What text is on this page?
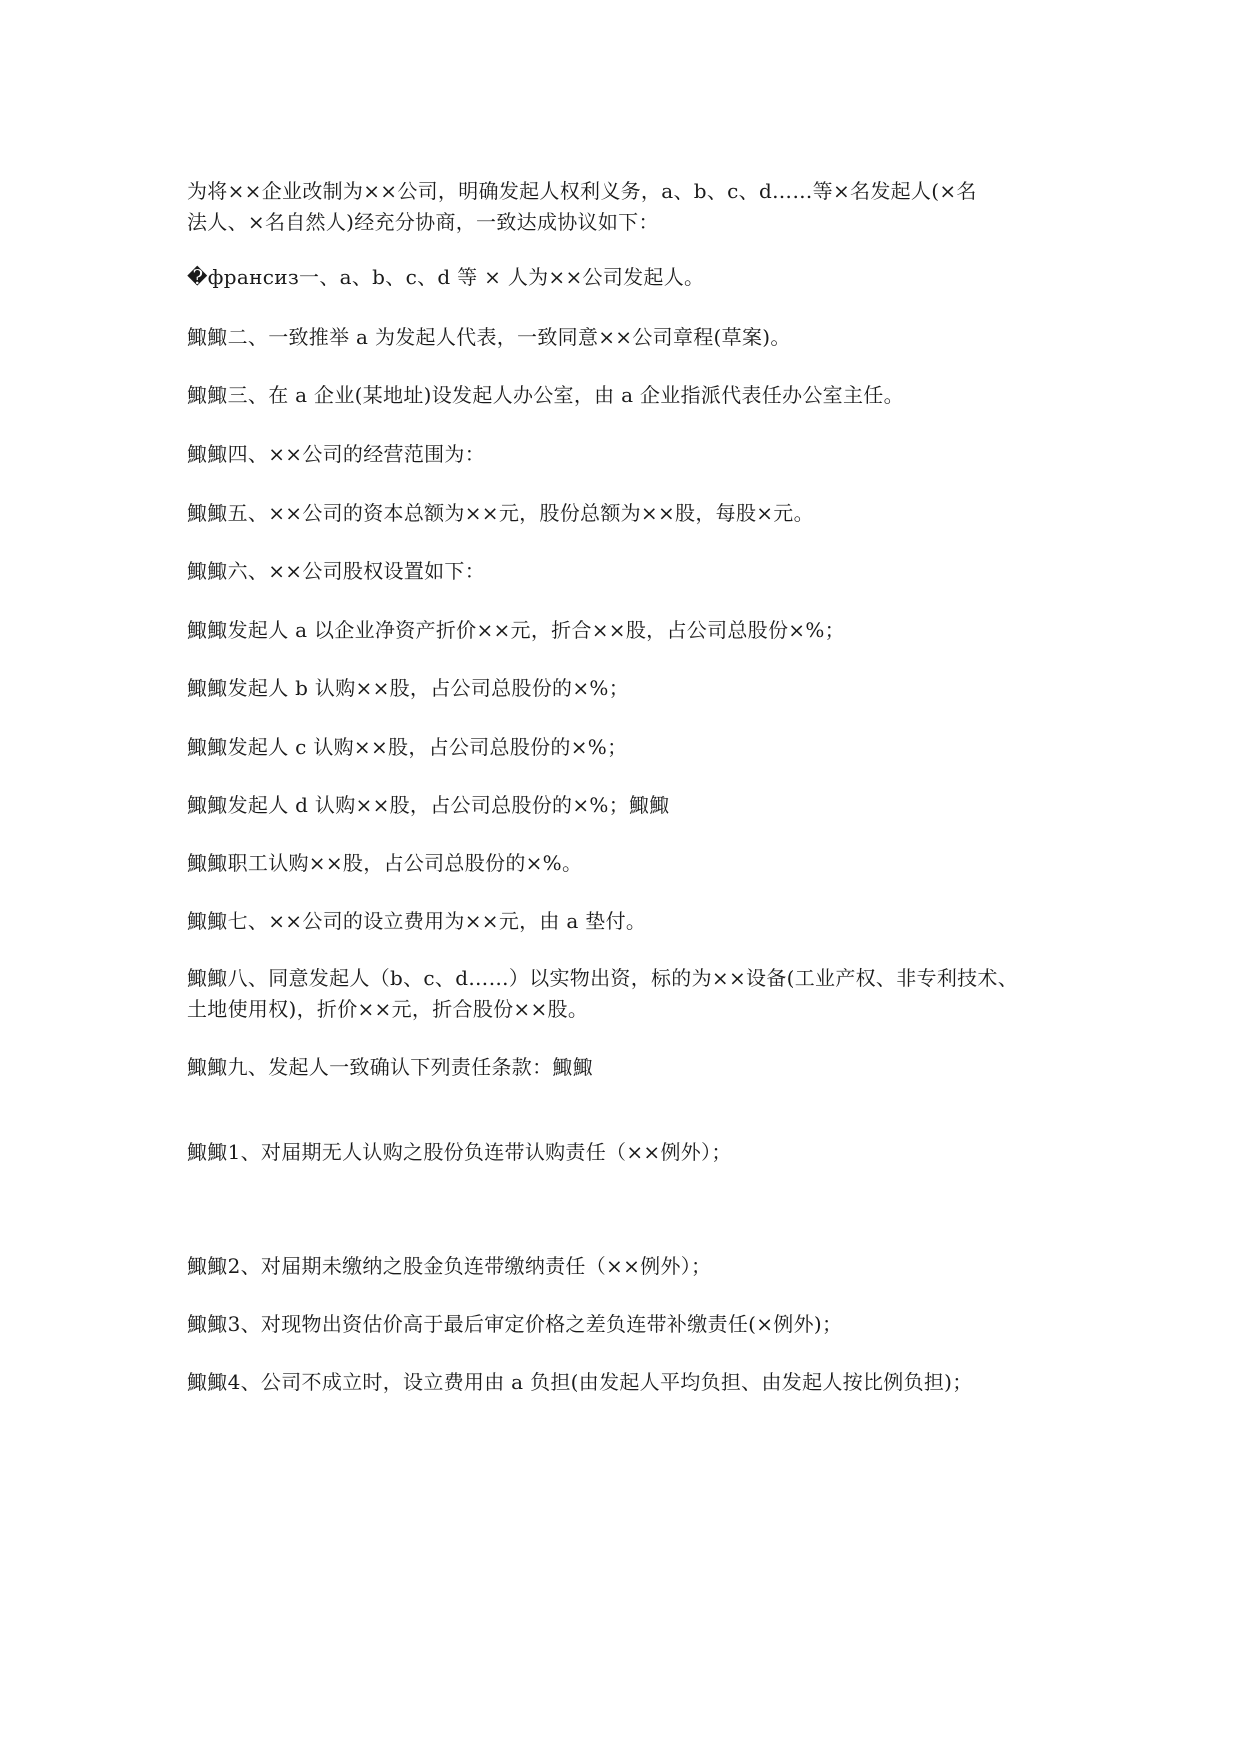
为将××企业改制为××公司，明确发起人权利义务，a、b、c、d……等×名发起人(×名
法人、×名自然人)经充分协商，一致达成协议如下：
�франсиз一、a、b、c、d 等 × 人为××公司发起人。
鯫鯫二、一致推举 a 为发起人代表，一致同意××公司章程(草案)。
鯫鯫三、在 a 企业(某地址)设发起人办公室，由 a 企业指派代表任办公室主任。
鯫鯫四、××公司的经营范围为：
鯫鯫五、××公司的资本总额为××元，股份总额为××股，每股×元。
鯫鯫六、××公司股权设置如下：
鯫鯫发起人 a 以企业净资产折价××元，折合××股，占公司总股份×%；
鯫鯫发起人 b 认购××股，占公司总股份的×%；
鯫鯫发起人 c 认购××股，占公司总股份的×%；
鯫鯫发起人 d 认购××股，占公司总股份的×%；鯫鯫
鯫鯫职工认购××股，占公司总股份的×%。
鯫鯫七、××公司的设立费用为××元，由 a 垫付。
鯫鯫八、同意发起人（b、c、d……）以实物出资，标的为××设备(工业产权、非专利技术、
土地使用权)，折价××元，折合股份××股。
鯫鯫九、发起人一致确认下列责任条款：鯫鯫
鯫鯫1、对届期无人认购之股份负连带认购责任（××例外）；
鯫鯫2、对届期未缴纳之股金负连带缴纳责任（××例外）；
鯫鯫3、对现物出资估价高于最后审定价格之差负连带补缴责任(×例外)；
鯫鯫4、公司不成立时，设立费用由 a 负担(由发起人平均负担、由发起人按比例负担)；
